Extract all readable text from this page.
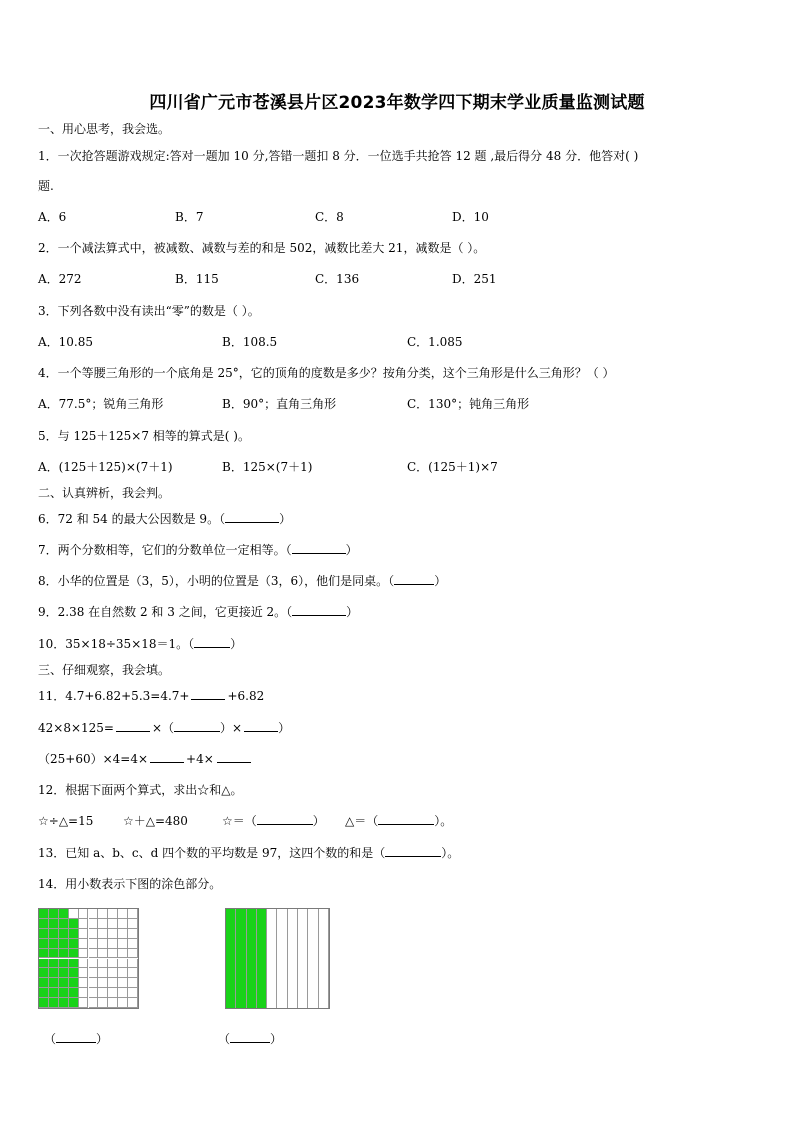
四川省广元市苍溪县片区2023年数学四下期末学业质量监测试题
一、用心思考，我会选。
1．一次抢答题游戏规定:答对一题加 10 分,答错一题扣 8 分．一位选手共抢答 12 题 ,最后得分 48 分．他答对( )
题.
A．6	B．7	C．8	D．10
2．一个减法算式中，被减数、减数与差的和是 502，减数比差大 21，减数是（ ）。
A．272	B．115	C．136	D．251
3．下列各数中没有读出“零”的数是（ ）。
A．10.85	B．108.5	C．1.085
4．一个等腰三角形的一个底角是 25°，它的顶角的度数是多少？按角分类，这个三角形是什么三角形？（ ）
A．77.5°；锐角三角形	B．90°；直角三角形	C．130°；钝角三角形
5．与 125＋125×7 相等的算式是( )。
A．(125＋125)×(7＋1)	B．125×(7＋1)	C．(125＋1)×7
二、认真辨析，我会判。
6．72 和 54 的最大公因数是 9。（	）
7．两个分数相等，它们的分数单位一定相等。（	）
8．小华的位置是（3，5），小明的位置是（3，6），他们是同桌。（	）
9．2.38 在自然数 2 和 3 之间，它更接近 2。（	）
10．35×18÷35×18＝1。（	）
三、仔细观察，我会填。
11．4.7+6.82+5.3=4.7+	+6.82
42×8×125=	×（	）×	）
（25+60）×4=4×	+4×
12．根据下面两个算式，求出☆和△。
☆÷△=15 ☆＋△=480	☆＝（	） △＝（	）。
13．已知 a、b、c、d 四个数的平均数是 97，这四个数的和是（	）。
14．用小数表示下图的涂色部分。
（	）	（	）
